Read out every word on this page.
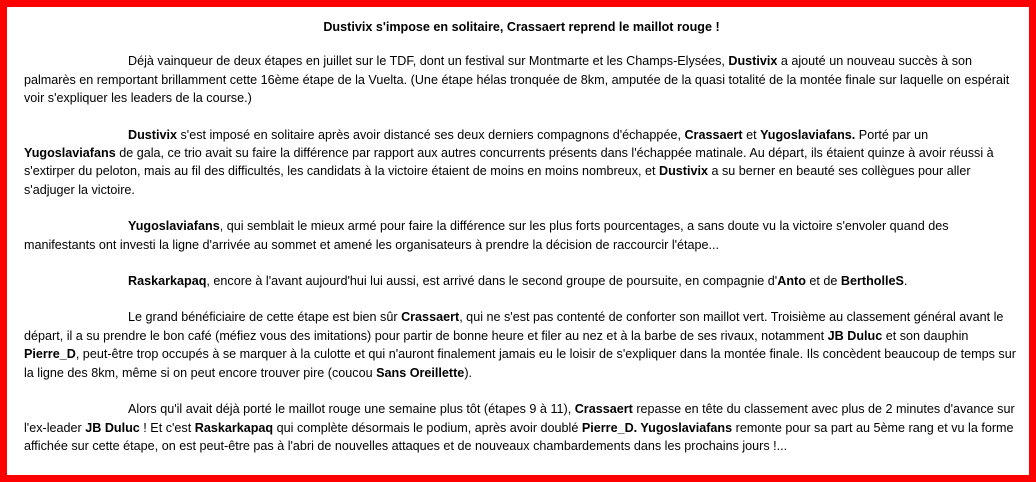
Dustivix s'impose en solitaire, Crassaert reprend le maillot rouge !

Déjà vainqueur de deux étapes en juillet sur le TDF, dont un festival sur Montmarte et les Champs-Elysées, Dustivix a ajouté un nouveau succès à son palmarès en remportant brillamment cette 16ème étape de la Vuelta. (Une étape hélas tronquée de 8km, amputée de la quasi totalité de la montée finale sur laquelle on espérait voir s'expliquer les leaders de la course.)

Dustivix s'est imposé en solitaire après avoir distancé ses deux derniers compagnons d'échappée, Crassaert et Yugoslaviafans. Porté par un Yugoslaviafans de gala, ce trio avait su faire la différence par rapport aux autres concurrents présents dans l'échappée matinale. Au départ, ils étaient quinze à avoir réussi à s'extirper du peloton, mais au fil des difficultés, les candidats à la victoire étaient de moins en moins nombreux, et Dustivix a su berner en beauté ses collègues pour aller s'adjuger la victoire.

Yugoslaviafans, qui semblait le mieux armé pour faire la différence sur les plus forts pourcentages, a sans doute vu la victoire s'envoler quand des manifestants ont investi la ligne d'arrivée au sommet et amené les organisateurs à prendre la décision de raccourcir l'étape...

Raskarkapaq, encore à l'avant aujourd'hui lui aussi, est arrivé dans le second groupe de poursuite, en compagnie d'Anto et de BertholleS.

Le grand bénéficiaire de cette étape est bien sûr Crassaert, qui ne s'est pas contenté de conforter son maillot vert. Troisième au classement général avant le départ, il a su prendre le bon café (méfiez vous des imitations) pour partir de bonne heure et filer au nez et à la barbe de ses rivaux, notamment JB Duluc et son dauphin Pierre_D, peut-être trop occupés à se marquer à la culotte et qui n'auront finalement jamais eu le loisir de s'expliquer dans la montée finale. Ils concèdent beaucoup de temps sur la ligne des 8km, même si on peut encore trouver pire (coucou Sans Oreillette).

Alors qu'il avait déjà porté le maillot rouge une semaine plus tôt (étapes 9 à 11), Crassaert repasse en tête du classement avec plus de 2 minutes d'avance sur l'ex-leader JB Duluc ! Et c'est Raskarkapaq qui complète désormais le podium, après avoir doublé Pierre_D. Yugoslaviafans remonte pour sa part au 5ème rang et vu la forme affichée sur cette étape, on est peut-être pas à l'abri de nouvelles attaques et de nouveaux chambardements dans les prochains jours !...
